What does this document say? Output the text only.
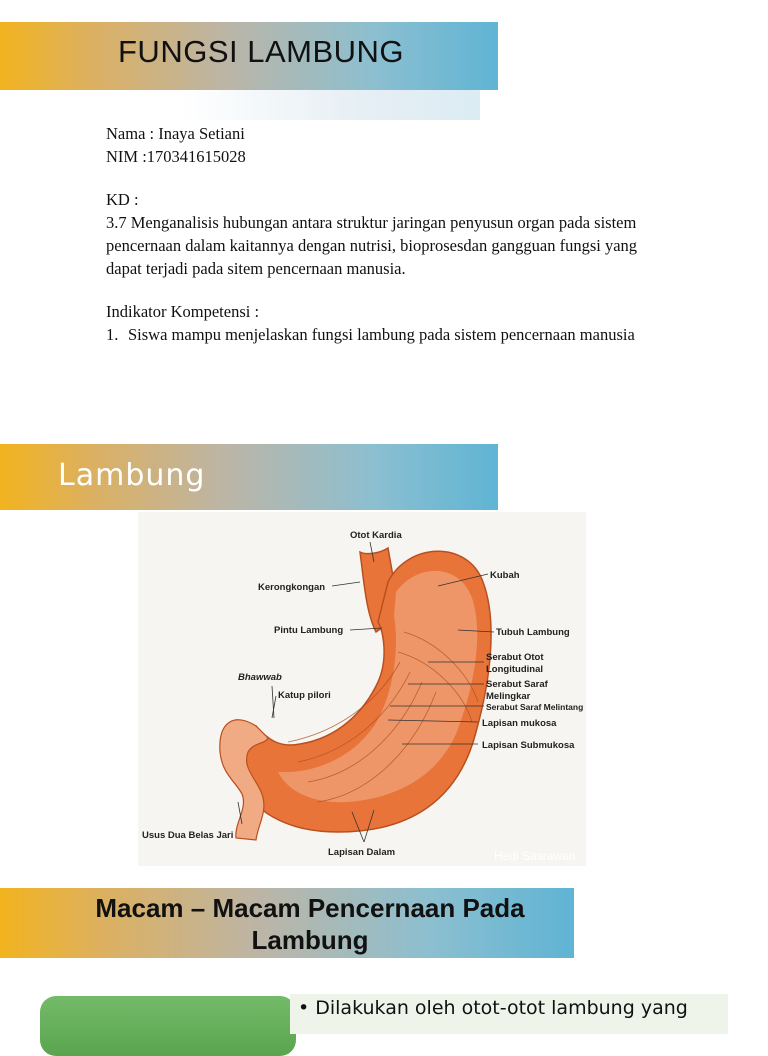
FUNGSI LAMBUNG

Nama : Inaya Setiani

NIM :170341615028

KD :

3.7 Menganalisis hubungan antara struktur jaringan penyusun organ pada sistem pencernaan dalam kaitannya dengan nutrisi, bioprosesdan gangguan fungsi yang dapat terjadi pada sitem pencernaan manusia.

Indikator Kompetensi :

1. Siswa mampu menjelaskan fungsi lambung pada sistem pencernaan manusia
Lambung
Otot Kardia
Kerongkongan
Kubah
Pintu Lambung	Tubuh Lambung
Serabut Otot
Longitudinal
Serabut Saraf
Melingkar
Bhawwab
Katup pilori
Serabut Saraf Melintang
Lapisan mukosa
Lapisan Submukosa
Usus Dua Belas Jari
Lapisan Dalam	Hedi Sasrawan
Macam – Macam Pencernaan Pada Lambung
• Dilakukan oleh otot-otot lambung yang
